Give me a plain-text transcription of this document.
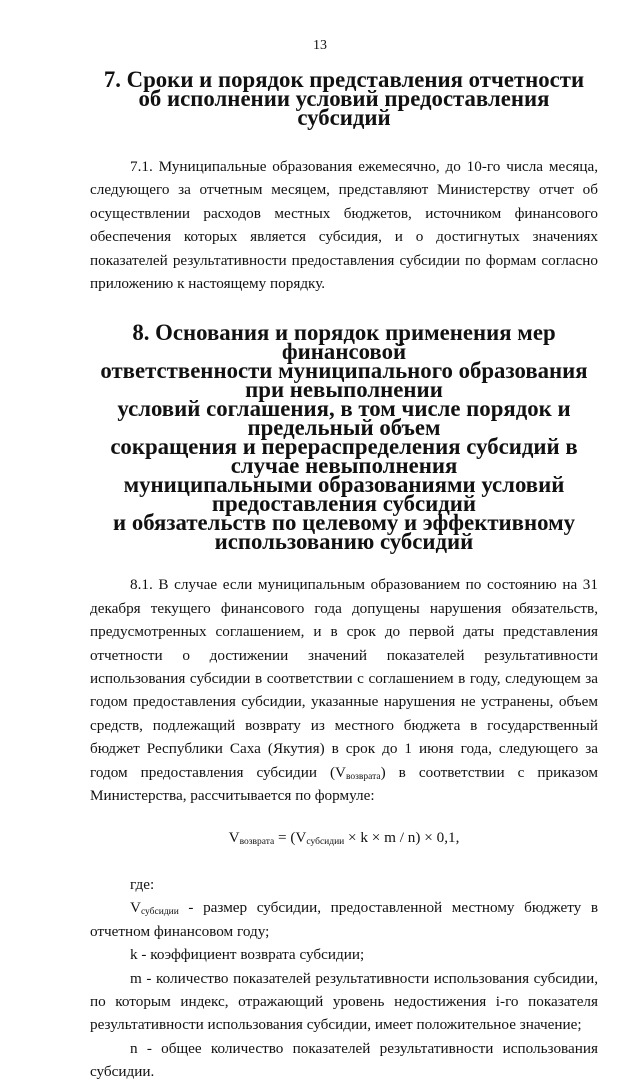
13
7. Сроки и порядок представления отчетности
об исполнении условий предоставления субсидий

7.1. Муниципальные образования ежемесячно, до 10-го числа месяца, следующего за отчетным месяцем, представляют Министерству отчет об осуществлении расходов местных бюджетов, источником финансового обеспечения которых является субсидия, и о достигнутых значениях показателей результативности предоставления субсидии по формам согласно приложению к настоящему порядку.

8. Основания и порядок применения мер финансовой
ответственности муниципального образования при невыполнении
условий соглашения, в том числе порядок и предельный объем
сокращения и перераспределения субсидий в случае невыполнения
муниципальными образованиями условий предоставления субсидий
и обязательств по целевому и эффективному использованию субсидий

8.1. В случае если муниципальным образованием по состоянию на 31 декабря текущего финансового года допущены нарушения обязательств, предусмотренных соглашением, и в срок до первой даты представления отчетности о достижении значений показателей результативности использования субсидии в соответствии с соглашением в году, следующем за годом предоставления субсидии, указанные нарушения не устранены, объем средств, подлежащий возврату из местного бюджета в государственный бюджет Республики Саха (Якутия) в срок до 1 июня года, следующего за годом предоставления субсидии $(V_{возврата})$ в соответствии с приказом Министерства, рассчитывается по формуле:

$V_{возврата} = (V_{субсидии} \times k \times m / n) \times 0,1$,

где:

$V_{субсидии}$ - размер субсидии, предоставленной местному бюджету в отчетном финансовом году;

k - коэффициент возврата субсидии;

m - количество показателей результативности использования субсидии, по которым индекс, отражающий уровень недостижения i-го показателя результативности использования субсидии, имеет положительное значение;

n - общее количество показателей результативности использования субсидии.
